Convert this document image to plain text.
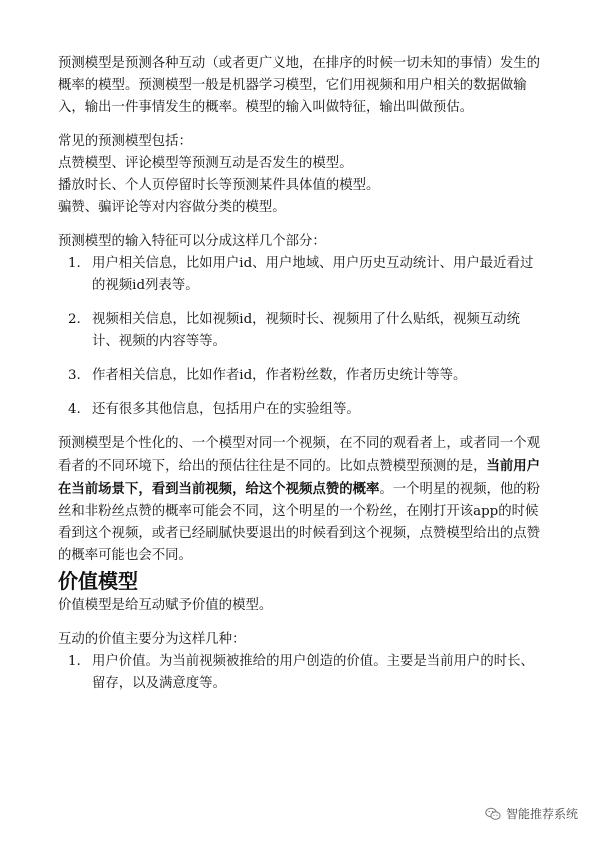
预测模型是预测各种互动（或者更广义地，在排序的时候一切未知的事情）发生的概率的模型。预测模型一般是机器学习模型，它们用视频和用户相关的数据做输入，输出一件事情发生的概率。模型的输入叫做特征，输出叫做预估。

常见的预测模型包括：

点赞模型、评论模型等预测互动是否发生的模型。

播放时长、个人页停留时长等预测某件具体值的模型。

骗赞、骗评论等对内容做分类的模型。

预测模型的输入特征可以分成这样几个部分：

1. 用户相关信息，比如用户id、用户地域、用户历史互动统计、用户最近看过的视频id列表等。
2. 视频相关信息，比如视频id，视频时长、视频用了什么贴纸，视频互动统计、视频的内容等等。
3. 作者相关信息，比如作者id，作者粉丝数，作者历史统计等等。
4. 还有很多其他信息，包括用户在的实验组等。

预测模型是个性化的、一个模型对同一个视频，在不同的观看者上，或者同一个观看者的不同环境下，给出的预估往往是不同的。比如点赞模型预测的是，当前用户在当前场景下，看到当前视频，给这个视频点赞的概率。一个明星的视频，他的粉丝和非粉丝点赞的概率可能会不同，这个明星的一个粉丝，在刚打开该app的时候看到这个视频，或者已经刷腻快要退出的时候看到这个视频，点赞模型给出的点赞的概率可能也会不同。

价值模型

价值模型是给互动赋予价值的模型。

互动的价值主要分为这样几种：

1. 用户价值。为当前视频被推给的用户创造的价值。主要是当前用户的时长、留存，以及满意度等。
智能推荐系统
